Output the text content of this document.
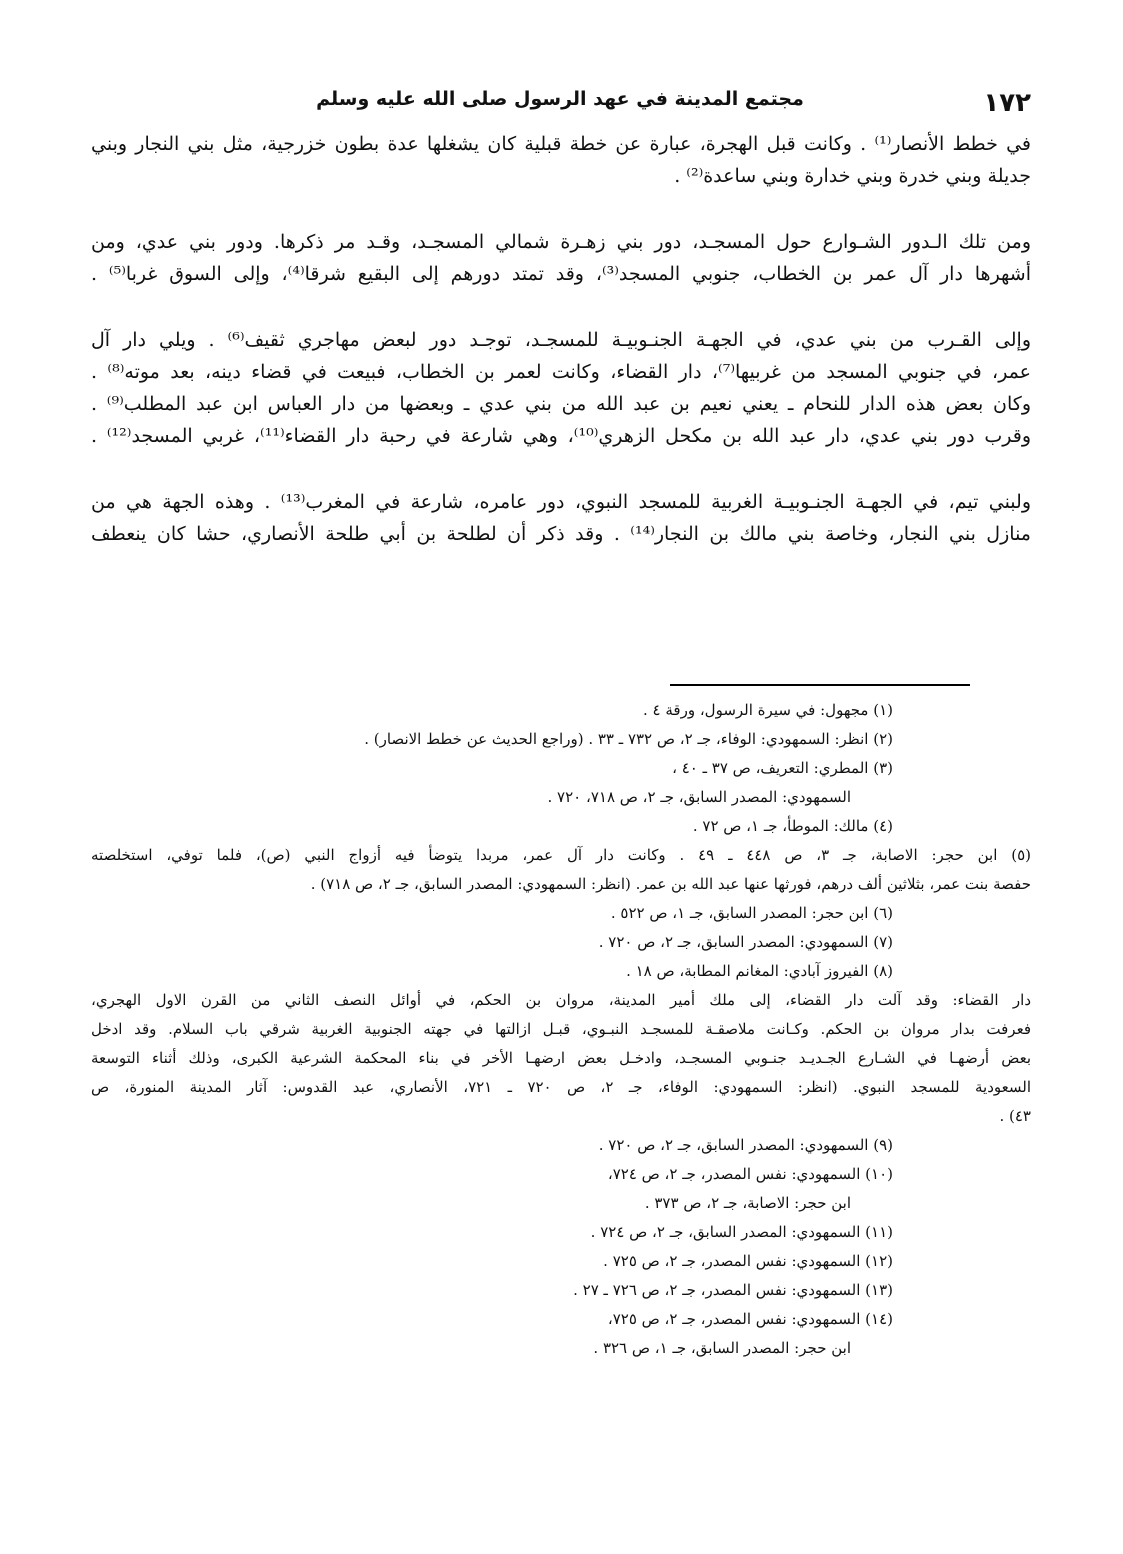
مجتمع المدينة في عهد الرسول صلى الله عليه وسلم	١٧٢
في خطط الأنصار⁽¹⁾ . وكانت قبل الهجرة، عبارة عن خطة قبلية كان يشغلها عدة بطون خزرجية، مثل بني النجار وبني
جديلة وبني خدرة وبني خدارة وبني ساعدة⁽²⁾ .
ومن تلك الـدور الشـوارع حول المسجـد، دور بني زهـرة شمالي المسجـد، وقـد مر ذكرها. ودور بني عدي، ومن
أشهرها دار آل عمر بن الخطاب، جنوبي المسجد⁽³⁾، وقد تمتد دورهم إلى البقيع شرقا⁽⁴⁾، وإلى السوق غربا⁽⁵⁾ .
وإلى القـرب من بني عدي، في الجهـة الجنـوبيـة للمسجـد، توجـد دور لبعض مهاجري ثقيف⁽⁶⁾ . ويلي دار آل
عمر، في جنوبي المسجد من غربيها⁽⁷⁾، دار القضاء، وكانت لعمر بن الخطاب، فبيعت في قضاء دينه، بعد موته⁽⁸⁾ .
وكان بعض هذه الدار للنحام ـ يعني نعيم بن عبد الله من بني عدي ـ وبعضها من دار العباس ابن عبد المطلب⁽⁹⁾ .
وقرب دور بني عدي، دار عبد الله بن مكحل الزهري⁽¹⁰⁾، وهي شارعة في رحبة دار القضاء⁽¹¹⁾، غربي المسجد⁽¹²⁾ .
ولبني تيم، في الجهـة الجنـوبيـة الغربية للمسجد النبوي، دور عامره، شارعة في المغرب⁽¹³⁾ . وهذه الجهة هي من
منازل بني النجار، وخاصة بني مالك بن النجار⁽¹⁴⁾ . وقد ذكر أن لطلحة بن أبي طلحة الأنصاري، حشا كان ينعطف
(١) مجهول: في سيرة الرسول، ورقة ٤ .
(٢) انظر: السمهودي: الوفاء، جـ ٢، ص ٧٣٢ ـ ٣٣ . (وراجع الحديث عن خطط الانصار) .
(٣) المطري: التعريف، ص ٣٧ ـ ٤٠ ،
السمهودي: المصدر السابق، جـ ٢، ص ٧١٨، ٧٢٠ .
(٤) مالك: الموطأ، جـ ١، ص ٧٢ .
(٥) ابن حجر: الاصابة، جـ ٣، ص ٤٤٨ ـ ٤٩ . وكانت دار آل عمر، مربدا يتوضأ فيه أزواج النبي (ص)، فلما توفي، استخلصته
حفصة بنت عمر، بثلاثين ألف درهم، فورثها عنها عبد الله بن عمر. (انظر: السمهودي: المصدر السابق، جـ ٢، ص ٧١٨) .
(٦) ابن حجر: المصدر السابق، جـ ١، ص ٥٢٢ .
(٧) السمهودي: المصدر السابق، جـ ٢، ص ٧٢٠ .
(٨) الفيروز آبادي: المغانم المطابة، ص ١٨ .
دار القضاء: وقد آلت دار القضاء، إلى ملك أمير المدينة، مروان بن الحكم، في أوائل النصف الثاني من القرن الاول الهجري،
فعرفت بدار مروان بن الحكم. وكـانت ملاصقـة للمسجـد النبـوي، قبـل ازالتها في جهته الجنوبية الغربية شرقي باب السلام. وقد ادخل
بعض أرضهـا في الشـارع الجـديـد جنـوبي المسجـد، وادخـل بعض ارضهـا الأخر في بناء المحكمة الشرعية الكبرى، وذلك أثناء التوسعة
السعودية للمسجد النبوي. (انظر: السمهودي: الوفاء، جـ ٢، ص ٧٢٠ ـ ٧٢١، الأنصاري، عبد القدوس: آثار المدينة المنورة، ص
٤٣) .
(٩) السمهودي: المصدر السابق، جـ ٢، ص ٧٢٠ .
(١٠) السمهودي: نفس المصدر، جـ ٢، ص ٧٢٤،
ابن حجر: الاصابة، جـ ٢، ص ٣٧٣ .
(١١) السمهودي: المصدر السابق، جـ ٢، ص ٧٢٤ .
(١٢) السمهودي: نفس المصدر، جـ ٢، ص ٧٢٥ .
(١٣) السمهودي: نفس المصدر، جـ ٢، ص ٧٢٦ ـ ٢٧ .
(١٤) السمهودي: نفس المصدر، جـ ٢، ص ٧٢٥،
ابن حجر: المصدر السابق، جـ ١، ص ٣٢٦ .
